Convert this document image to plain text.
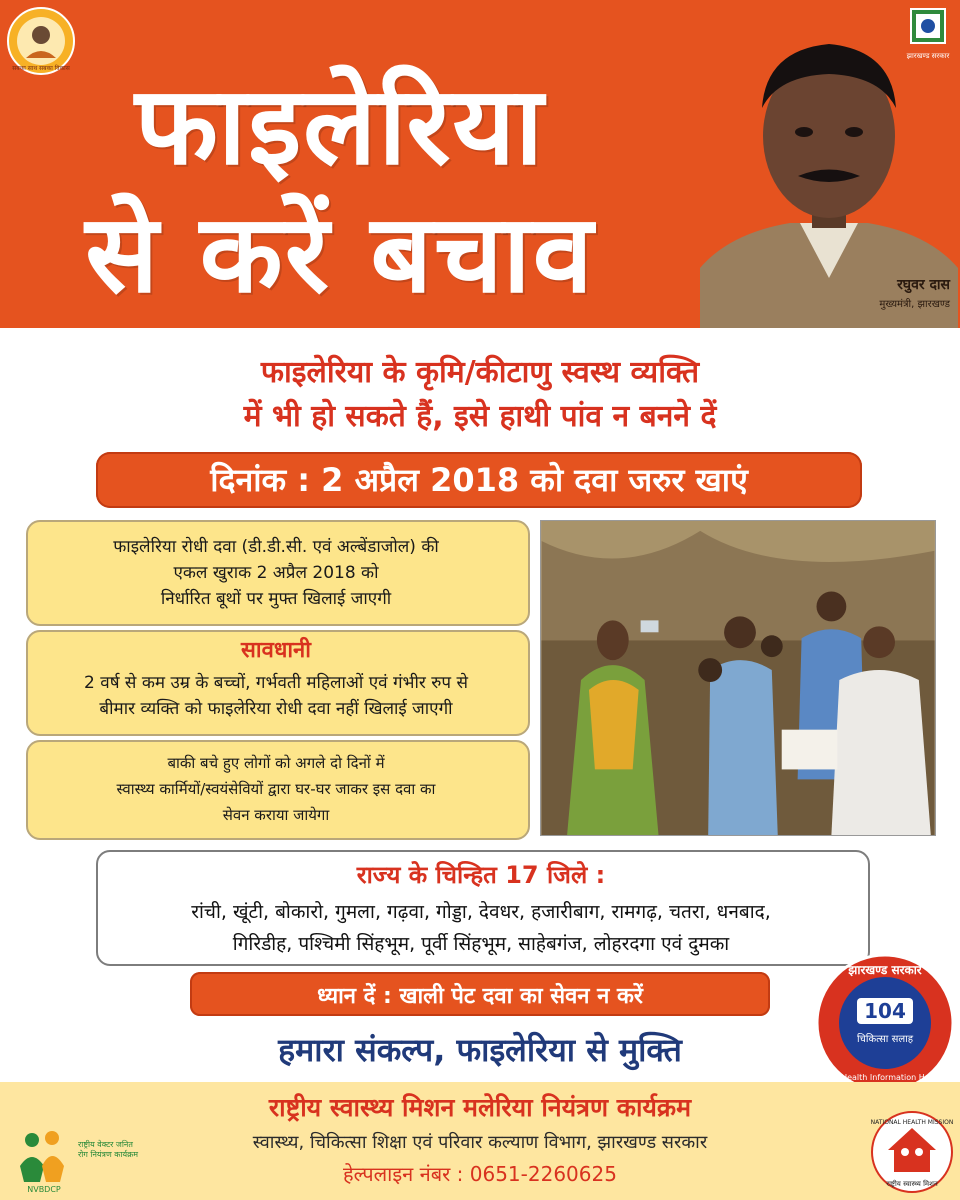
सबका साथ सबका विकास
झारखण्ड सरकार
फाइलेरिया
से करें बचाव	रघुवर दास
मुख्यमंत्री, झारखण्ड
फाइलेरिया के कृमि/कीटाणु स्वस्थ व्यक्ति
में भी हो सकते हैं, इसे हाथी पांव न बनने दें
दिनांक : 2 अप्रैल 2018 को दवा जरुर खाएं
फाइलेरिया रोधी दवा (डी.डी.सी. एवं अल्बेंडाजोल) की
एकल खुराक 2 अप्रैल 2018 को
निर्धारित बूथों पर मुफ्त खिलाई जाएगी
सावधानी
2 वर्ष से कम उम्र के बच्चों, गर्भवती महिलाओं एवं गंभीर रुप से
बीमार व्यक्ति को फाइलेरिया रोधी दवा नहीं खिलाई जाएगी
बाकी बचे हुए लोगों को अगले दो दिनों में
स्वास्थ्य कार्मियों/स्वयंसेवियों द्वारा घर-घर जाकर इस दवा का
सेवन कराया जायेगा
राज्य के चिन्हित 17 जिले :
रांची, खूंटी, बोकारो, गुमला, गढ़वा, गोड्डा, देवधर, हजारीबाग, रामगढ़, चतरा, धनबाद,
गिरिडीह, पश्चिमी सिंहभूम, पूर्वी सिंहभूम, साहेबगंज, लोहरदगा एवं दुमका
ध्यान दें : खाली पेट दवा का सेवन न करें
हमारा संकल्प, फाइलेरिया से मुक्ति
104
चिकित्सा सलाह
झारखण्ड सरकार
24x7 Health Information Helpline
राष्ट्रीय स्वास्थ्य मिशन मलेरिया नियंत्रण कार्यक्रम
स्वास्थ्य, चिकित्सा शिक्षा एवं परिवार कल्याण विभाग, झारखण्ड सरकार
हेल्पलाइन नंबर : 0651-2260625
NVBDCP
राष्ट्रीय वेक्टर जनित रोग नियंत्रण कार्यक्रम
NATIONAL HEALTH MISSION
राष्ट्रीय स्वास्थ्य मिशन
